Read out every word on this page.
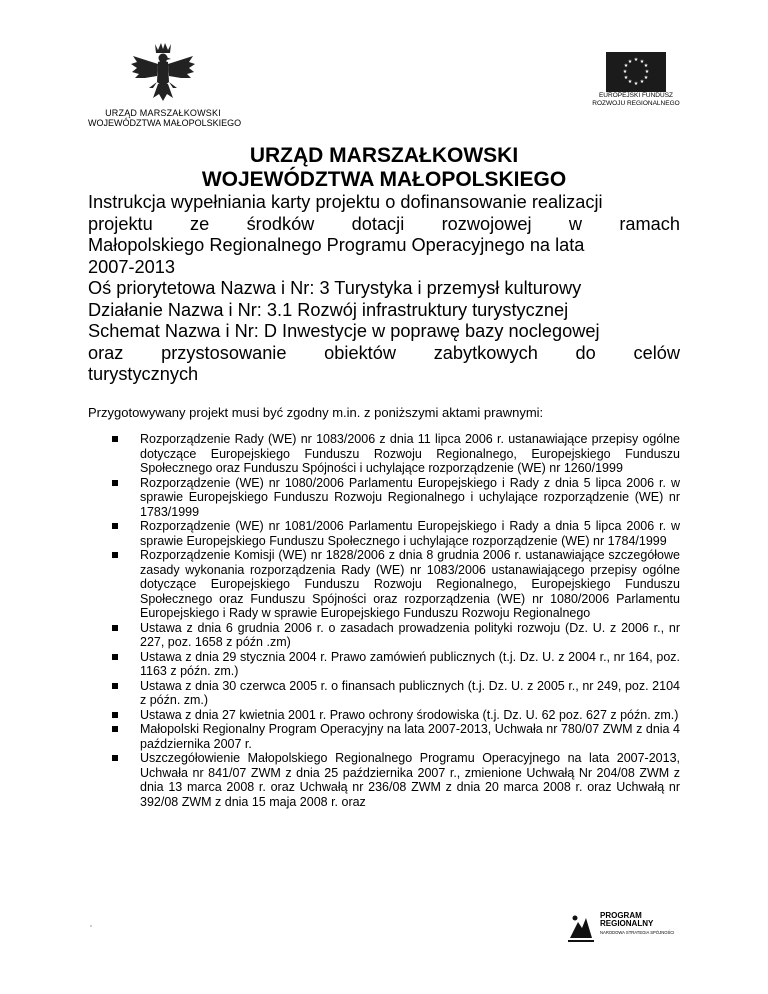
URZĄD MARSZAŁKOWSKI
WOJEWÓDZTWA MAŁOPOLSKIEGO
★ ★
★
★
★
★
★
★
★
★
★
★
EUROPEJSKI FUNDUSZ
ROZWOJU REGIONALNEGO
URZĄD MARSZAŁKOWSKI
WOJEWÓDZTWA MAŁOPOLSKIEGO
Instrukcja wypełniania karty projektu o dofinansowanie realizacji
projektu ze środków dotacji rozwojowej w ramach
Małopolskiego Regionalnego Programu Operacyjnego na lata
2007-2013
Oś priorytetowa Nazwa i Nr: 3 Turystyka i przemysł kulturowy
Działanie Nazwa i Nr: 3.1 Rozwój infrastruktury turystycznej
Schemat Nazwa i Nr: D Inwestycje w poprawę bazy noclegowej
oraz przystosowanie obiektów zabytkowych do celów
turystycznych
Przygotowywany projekt musi być zgodny m.in. z poniższymi aktami prawnymi:
Rozporządzenie Rady (WE) nr 1083/2006 z dnia 11 lipca 2006 r. ustanawiające przepisy ogólne dotyczące Europejskiego Funduszu Rozwoju Regionalnego, Europejskiego Funduszu Społecznego oraz Funduszu Spójności i uchylające rozporządzenie (WE) nr 1260/1999
Rozporządzenie (WE) nr 1080/2006 Parlamentu Europejskiego i Rady z dnia 5 lipca 2006 r. w sprawie Europejskiego Funduszu Rozwoju Regionalnego i uchylające rozporządzenie (WE) nr 1783/1999
Rozporządzenie (WE) nr 1081/2006 Parlamentu Europejskiego i Rady a dnia 5 lipca 2006 r. w sprawie Europejskiego Funduszu Społecznego i uchylające rozporządzenie (WE) nr 1784/1999
Rozporządzenie Komisji (WE) nr 1828/2006 z dnia 8 grudnia 2006 r. ustanawiające szczegółowe zasady wykonania rozporządzenia Rady (WE) nr 1083/2006 ustanawiającego przepisy ogólne dotyczące Europejskiego Funduszu Rozwoju Regionalnego, Europejskiego Funduszu Społecznego oraz Funduszu Spójności oraz rozporządzenia (WE) nr 1080/2006 Parlamentu Europejskiego i Rady w sprawie Europejskiego Funduszu Rozwoju Regionalnego
Ustawa z dnia 6 grudnia 2006 r. o zasadach prowadzenia polityki rozwoju (Dz. U. z 2006 r., nr 227, poz. 1658 z późn .zm)
Ustawa z dnia 29 stycznia 2004 r. Prawo zamówień publicznych (t.j. Dz. U. z 2004 r., nr 164, poz. 1163 z późn. zm.)
Ustawa z dnia 30 czerwca 2005 r. o finansach publicznych (t.j. Dz. U. z 2005 r., nr 249, poz. 2104 z późn. zm.)
Ustawa z dnia 27 kwietnia 2001 r. Prawo ochrony środowiska (t.j. Dz. U. 62 poz. 627 z późn. zm.)
Małopolski Regionalny Program Operacyjny na lata 2007-2013, Uchwała nr 780/07 ZWM z dnia 4 października 2007 r.
Uszczegółowienie Małopolskiego Regionalnego Programu Operacyjnego na lata 2007-2013, Uchwała nr 841/07 ZWM z dnia 25 października 2007 r., zmienione Uchwałą Nr 204/08 ZWM z dnia 13 marca 2008 r. oraz Uchwałą nr 236/08 ZWM z dnia 20 marca 2008 r. oraz Uchwałą nr 392/08 ZWM z dnia 15 maja 2008 r. oraz
PROGRAM
REGIONALNY
NARODOWA STRATEGIA SPÓJNOŚCI
